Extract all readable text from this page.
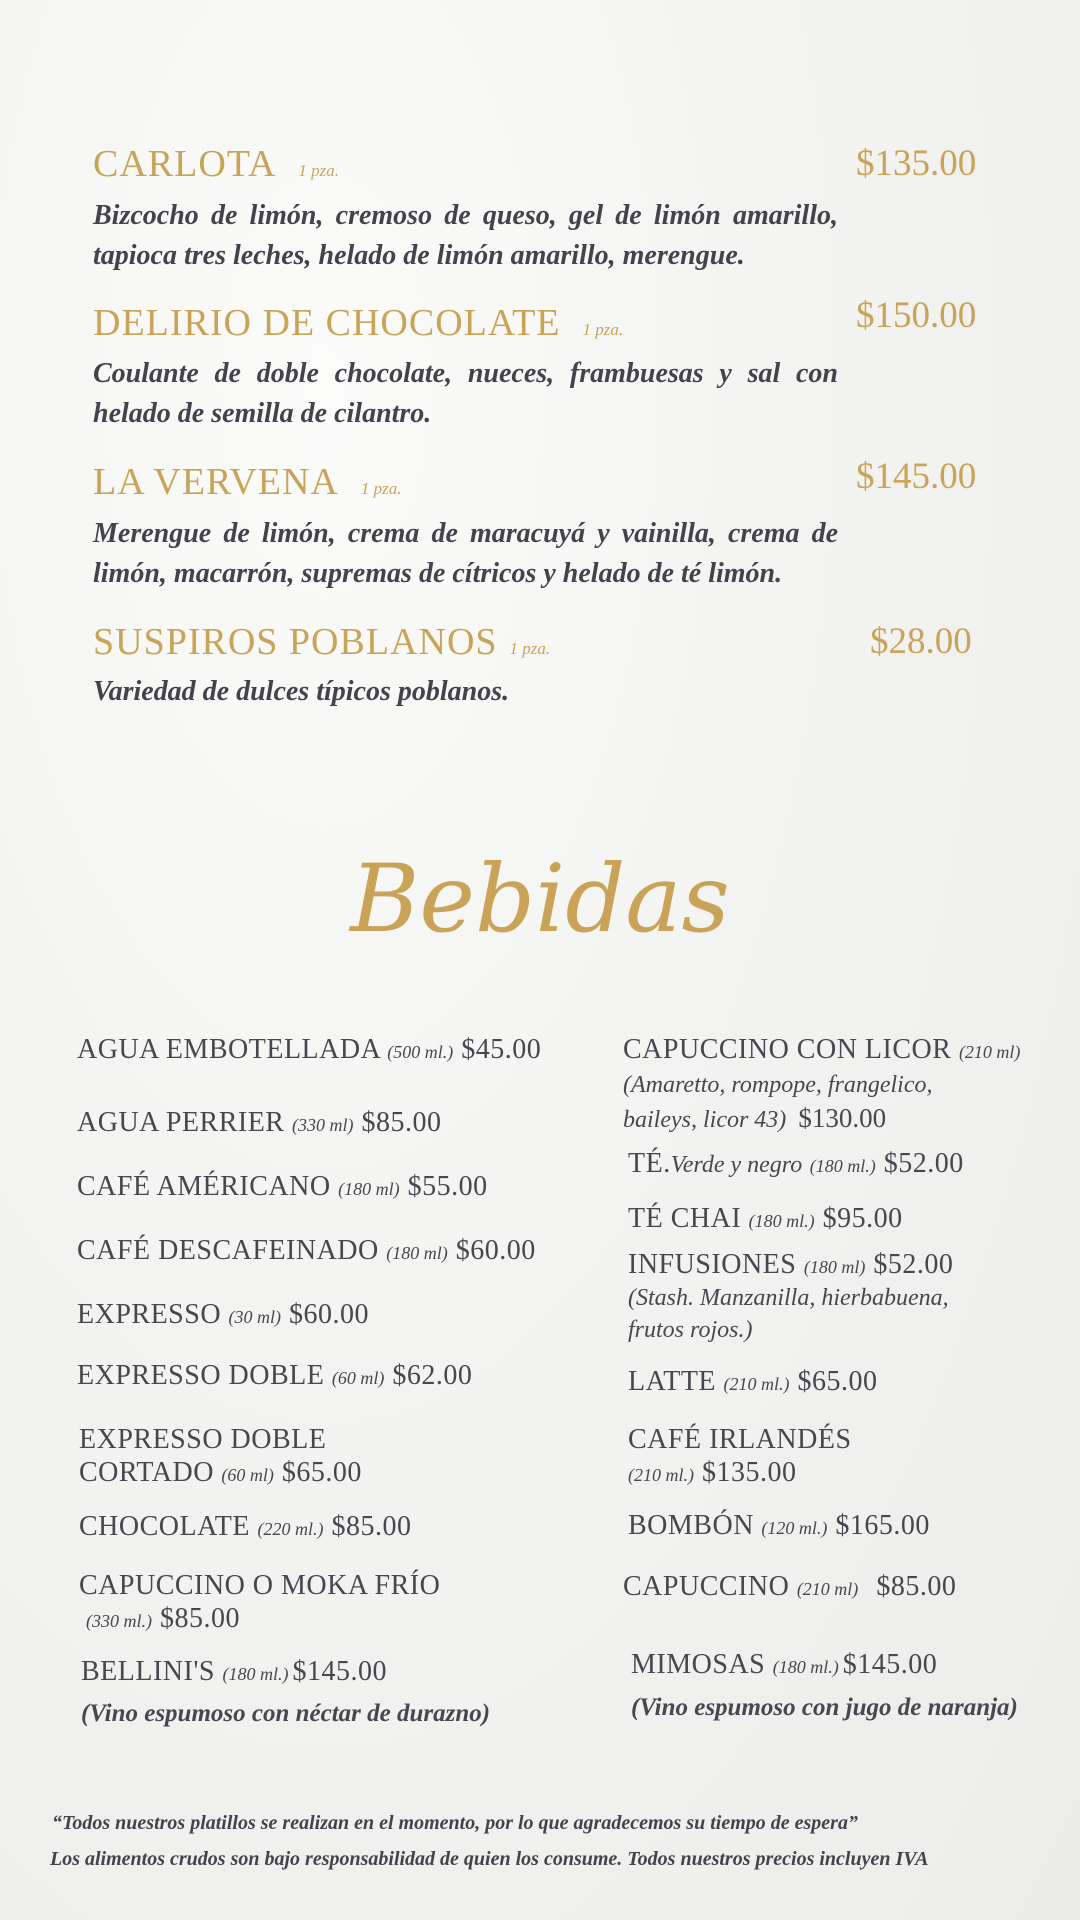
CARLOTA 1 pza.	$135.00
Bizcocho de limón, cremoso de queso, gel de limón amarillo, tapioca tres leches, helado de limón amarillo, merengue.
DELIRIO DE CHOCOLATE 1 pza.	$150.00
Coulante de doble chocolate, nueces, frambuesas y sal con helado de semilla de cilantro.
LA VERVENA 1 pza.	$145.00
Merengue de limón, crema de maracuyá y vainilla, crema de limón, macarrón, supremas de cítricos y helado de té limón.
SUSPIROS POBLANOS 1 pza.	$28.00
Variedad de dulces típicos poblanos.
Bebidas
AGUA EMBOTELLADA (500 ml.) $45.00
AGUA PERRIER (330 ml) $85.00
CAFÉ AMÉRICANO (180 ml) $55.00
CAFÉ DESCAFEINADO (180 ml) $60.00
EXPRESSO (30 ml) $60.00
EXPRESSO DOBLE (60 ml) $62.00
EXPRESSO DOBLE
CORTADO (60 ml) $65.00
CHOCOLATE (220 ml.) $85.00
CAPUCCINO O MOKA FRÍO
(330 ml.) $85.00
BELLINI'S (180 ml.) $145.00
(Vino espumoso con néctar de durazno)
CAPUCCINO CON LICOR (210 ml)
(Amaretto, rompope, frangelico,
baileys, licor 43) $130.00
TÉ.Verde y negro (180 ml.) $52.00
TÉ CHAI (180 ml.) $95.00
INFUSIONES (180 ml) $52.00
(Stash. Manzanilla, hierbabuena,
frutos rojos.)
LATTE (210 ml.) $65.00
CAFÉ IRLANDÉS
(210 ml.) $135.00
BOMBÓN (120 ml.) $165.00
CAPUCCINO (210 ml) $85.00
MIMOSAS (180 ml.) $145.00
(Vino espumoso con jugo de naranja)
“Todos nuestros platillos se realizan en el momento, por lo que agradecemos su tiempo de espera”
Los alimentos crudos son bajo responsabilidad de quien los consume. Todos nuestros precios incluyen IVA
